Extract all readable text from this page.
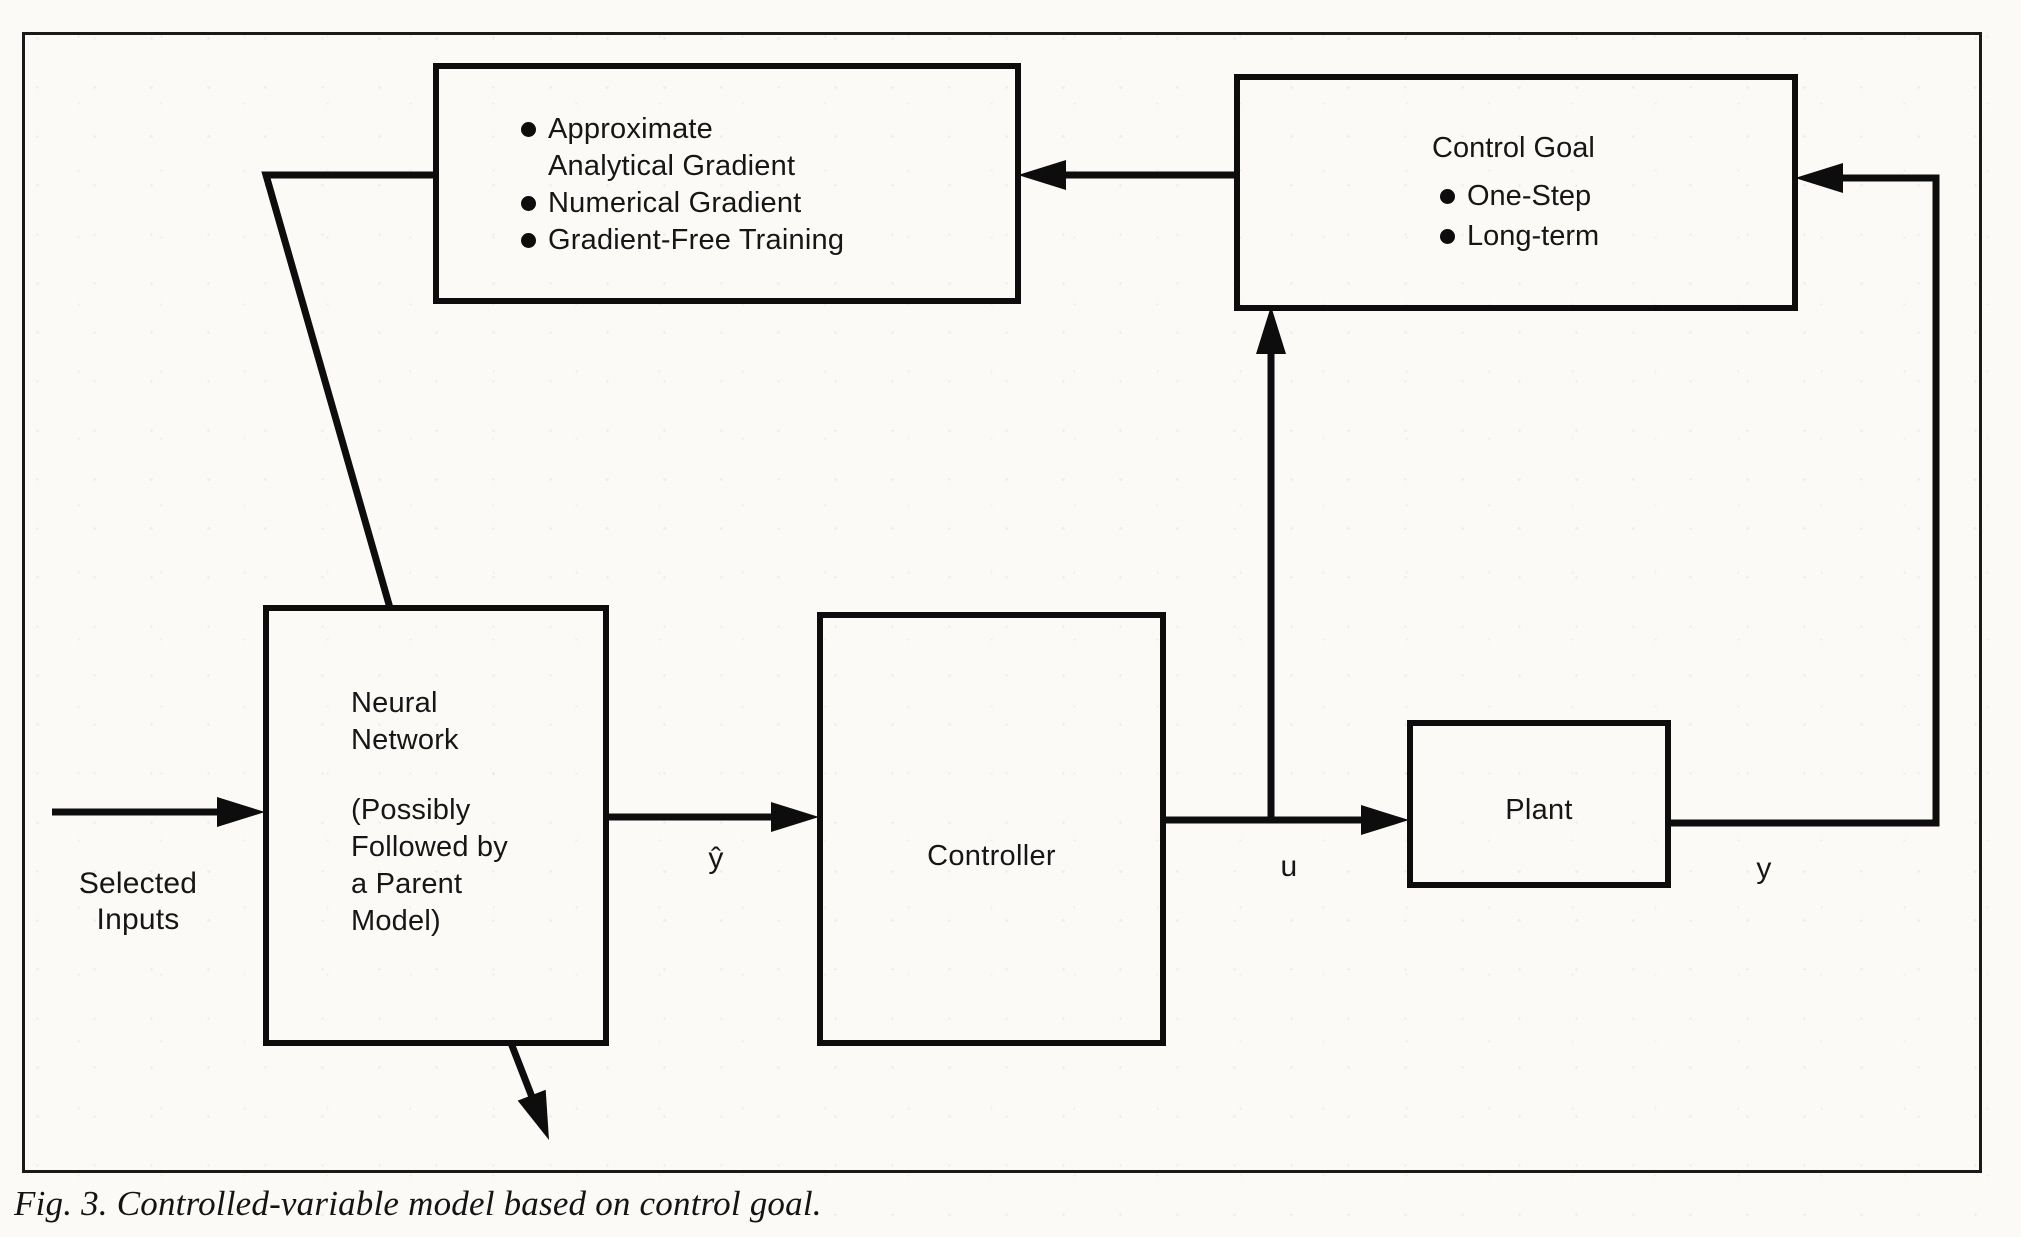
Approximate
Analytical Gradient
Numerical Gradient
Gradient-Free Training
Control Goal
One-Step
Long-term
Neural
Network
(Possibly
Followed by
a Parent
Model)
Controller
Plant
Selected
Inputs
ŷ	u	y
Fig. 3. Controlled-variable model based on control goal.
